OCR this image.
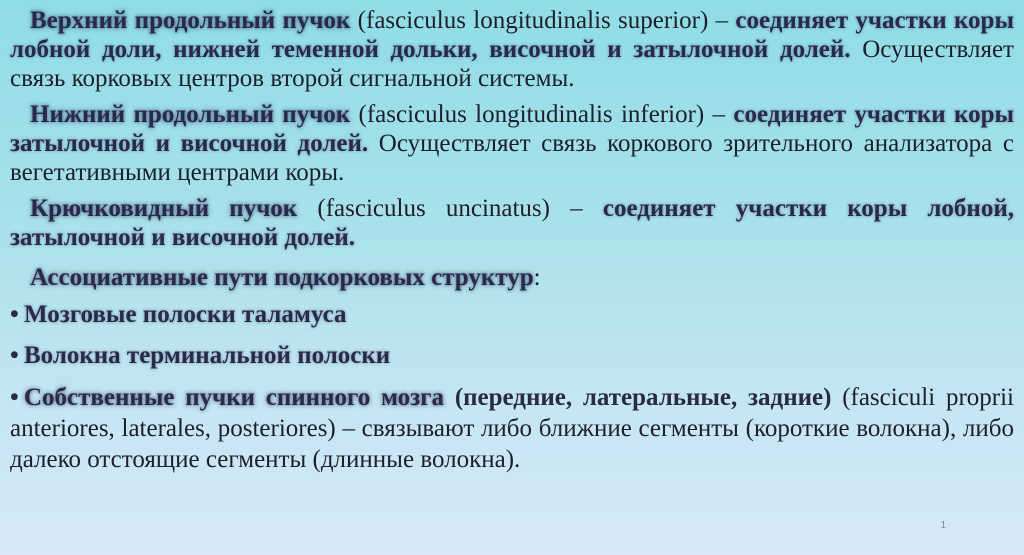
Верхний продольный пучок (fasciculus longitudinalis superior) – соединяет участки коры лобной доли, нижней теменной дольки, височной и затылочной долей. Осуществляет связь корковых центров второй сигнальной системы.

Нижний продольный пучок (fasciculus longitudinalis inferior) – соединяет участки коры затылочной и височной долей. Осуществляет связь коркового зрительного анализатора с вегетативными центрами коры.

Крючковидный пучок (fasciculus uncinatus) – соединяет участки коры лобной, затылочной и височной долей.

Ассоциативные пути подкорковых структур:

• Мозговые полоски таламуса

• Волокна терминальной полоски

• Собственные пучки спинного мозга (передние, латеральные, задние) (fasciculi proprii anteriores, laterales, posteriores) – связывают либо ближние сегменты (короткие волокна), либо далеко отстоящие сегменты (длинные волокна).

1
